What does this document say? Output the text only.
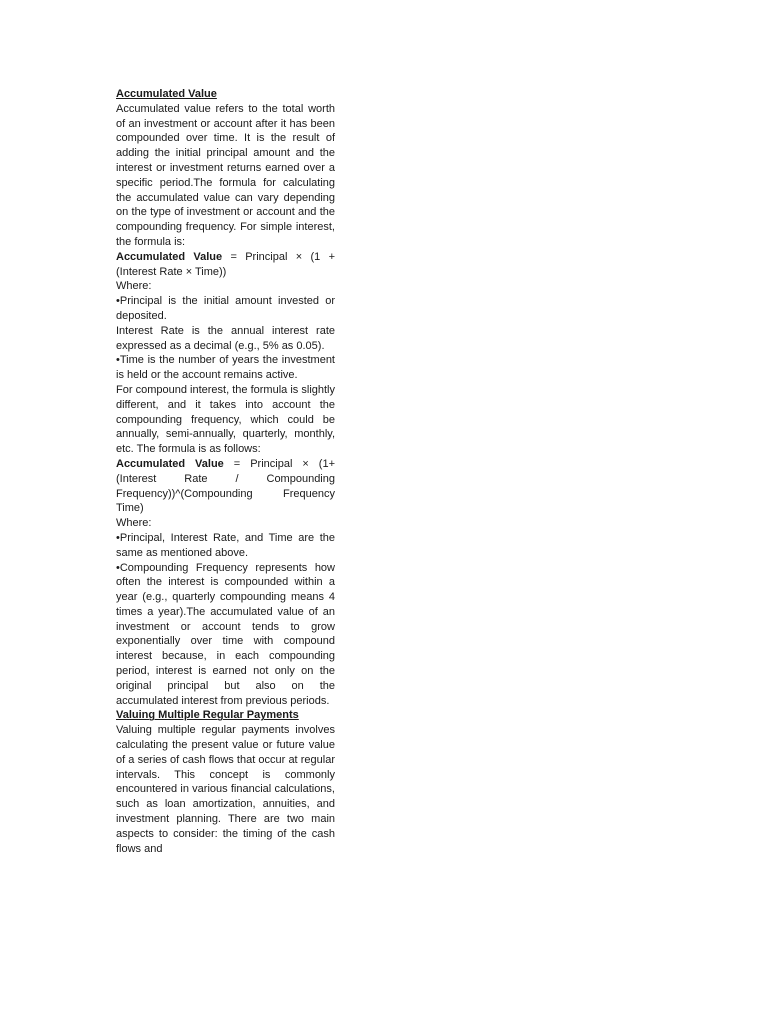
Accumulated Value

Accumulated value refers to the total worth of an investment or account after it has been compounded over time. It is the result of adding the initial principal amount and the interest or investment returns earned over a specific period.The formula for calculating the accumulated value can vary depending on the type of investment or account and the compounding frequency. For simple interest, the formula is:

Accumulated Value = Principal × (1 + (Interest Rate × Time))

Where:

•Principal is the initial amount invested or deposited.

Interest Rate is the annual interest rate expressed as a decimal (e.g., 5% as 0.05).

•Time is the number of years the investment is held or the account remains active.

For compound interest, the formula is slightly different, and it takes into account the compounding frequency, which could be annually, semi-annually, quarterly, monthly, etc. The formula is as follows:

Accumulated Value = Principal × (1+ (Interest Rate / Compounding Frequency))^(Compounding Frequency Time)

Where:

•Principal, Interest Rate, and Time are the same as mentioned above.

•Compounding Frequency represents how often the interest is compounded within a year (e.g., quarterly compounding means 4 times a year).The accumulated value of an investment or account tends to grow exponentially over time with compound interest because, in each compounding period, interest is earned not only on the original principal but also on the accumulated interest from previous periods.

Valuing Multiple Regular Payments

Valuing multiple regular payments involves calculating the present value or future value of a series of cash flows that occur at regular intervals. This concept is commonly encountered in various financial calculations, such as loan amortization, annuities, and investment planning. There are two main aspects to consider: the timing of the cash flows and
